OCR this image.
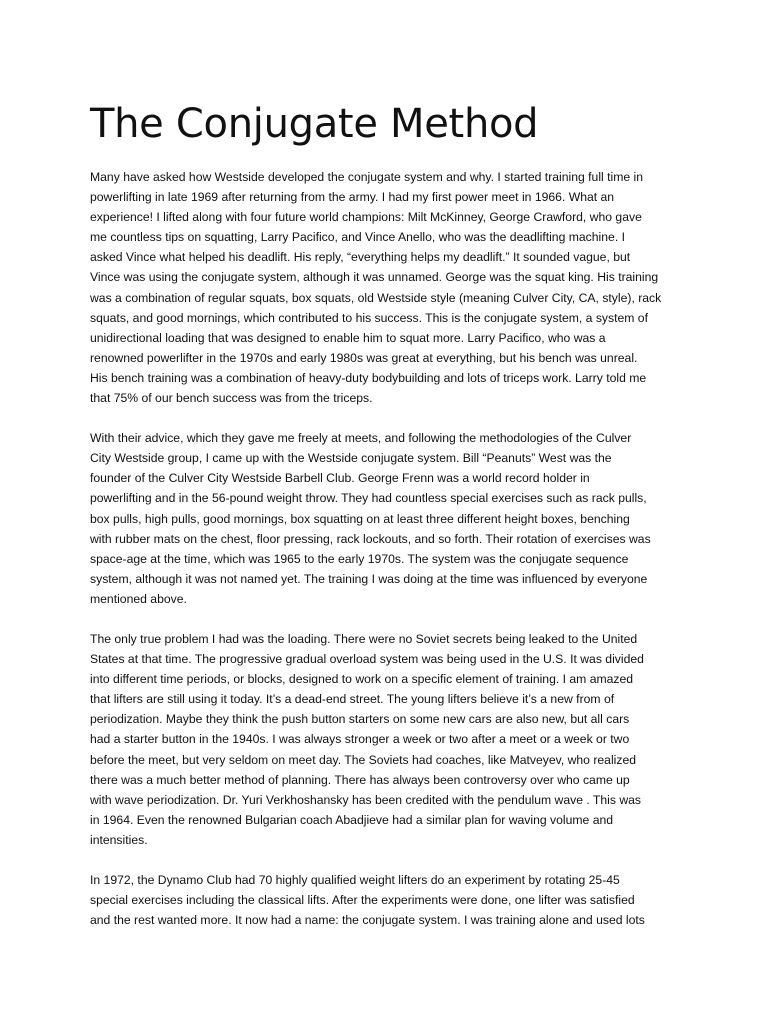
The Conjugate Method

Many have asked how Westside developed the conjugate system and why. I started training full time in
powerlifting in late 1969 after returning from the army. I had my first power meet in 1966. What an
experience! I lifted along with four future world champions: Milt McKinney, George Crawford, who gave
me countless tips on squatting, Larry Pacifico, and Vince Anello, who was the deadlifting machine. I
asked Vince what helped his deadlift. His reply, “everything helps my deadlift.” It sounded vague, but
Vince was using the conjugate system, although it was unnamed. George was the squat king. His training
was a combination of regular squats, box squats, old Westside style (meaning Culver City, CA, style), rack
squats, and good mornings, which contributed to his success. This is the conjugate system, a system of
unidirectional loading that was designed to enable him to squat more. Larry Pacifico, who was a
renowned powerlifter in the 1970s and early 1980s was great at everything, but his bench was unreal.
His bench training was a combination of heavy-duty bodybuilding and lots of triceps work. Larry told me
that 75% of our bench success was from the triceps.

With their advice, which they gave me freely at meets, and following the methodologies of the Culver
City Westside group, I came up with the Westside conjugate system. Bill “Peanuts” West was the
founder of the Culver City Westside Barbell Club. George Frenn was a world record holder in
powerlifting and in the 56-pound weight throw. They had countless special exercises such as rack pulls,
box pulls, high pulls, good mornings, box squatting on at least three different height boxes, benching
with rubber mats on the chest, floor pressing, rack lockouts, and so forth. Their rotation of exercises was
space-age at the time, which was 1965 to the early 1970s. The system was the conjugate sequence
system, although it was not named yet. The training I was doing at the time was influenced by everyone
mentioned above.

The only true problem I had was the loading. There were no Soviet secrets being leaked to the United
States at that time. The progressive gradual overload system was being used in the U.S. It was divided
into different time periods, or blocks, designed to work on a specific element of training. I am amazed
that lifters are still using it today. It’s a dead-end street. The young lifters believe it’s a new from of
periodization. Maybe they think the push button starters on some new cars are also new, but all cars
had a starter button in the 1940s. I was always stronger a week or two after a meet or a week or two
before the meet, but very seldom on meet day. The Soviets had coaches, like Matveyev, who realized
there was a much better method of planning. There has always been controversy over who came up
with wave periodization. Dr. Yuri Verkhoshansky has been credited with the pendulum wave . This was
in 1964. Even the renowned Bulgarian coach Abadjieve had a similar plan for waving volume and
intensities.

In 1972, the Dynamo Club had 70 highly qualified weight lifters do an experiment by rotating 25-45
special exercises including the classical lifts. After the experiments were done, one lifter was satisfied
and the rest wanted more. It now had a name: the conjugate system. I was training alone and used lots
